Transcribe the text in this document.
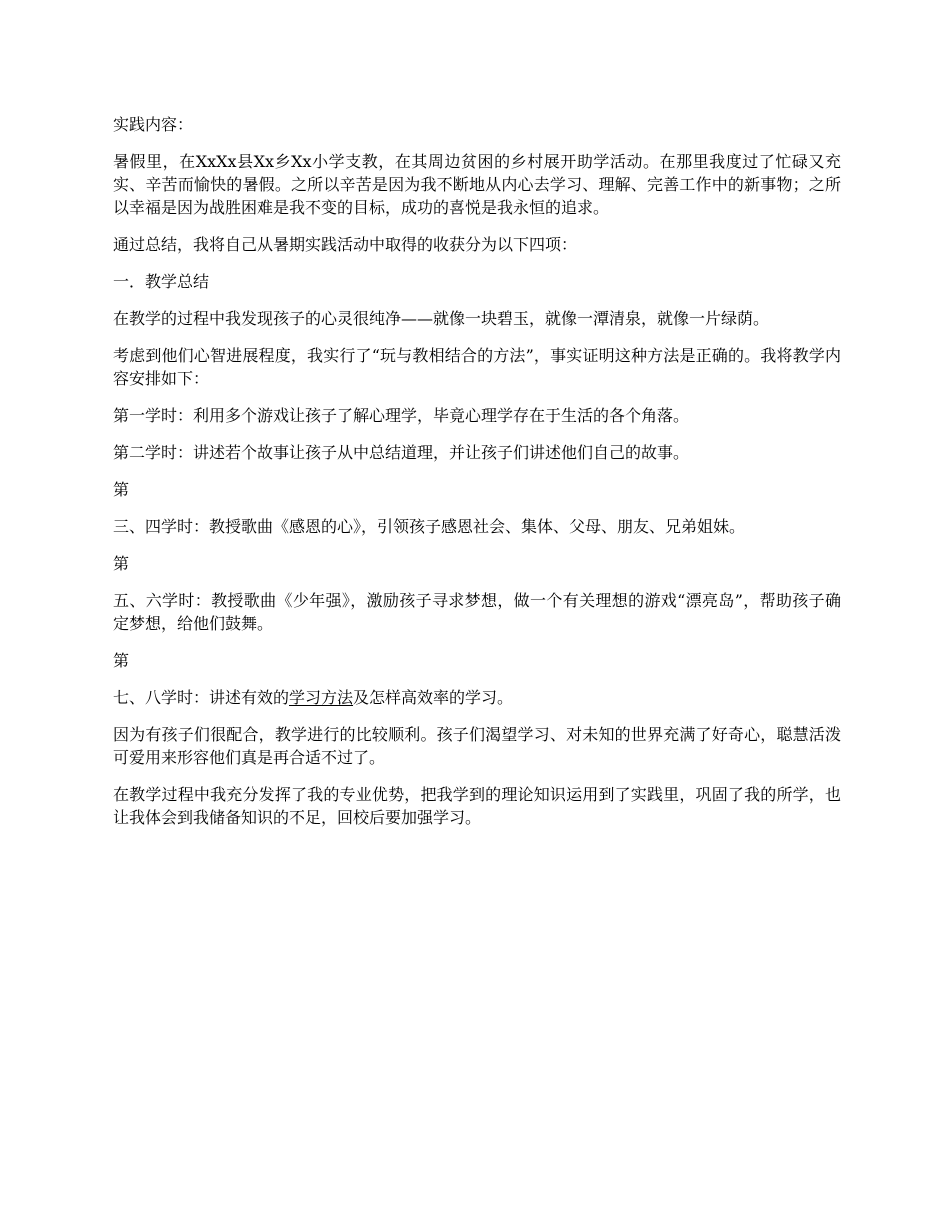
实践内容：

暑假里，在XxXx县Xx乡Xx小学支教，在其周边贫困的乡村展开助学活动。在那里我度过了忙碌又充实、辛苦而愉快的暑假。之所以辛苦是因为我不断地从内心去学习、理解、完善工作中的新事物；之所以幸福是因为战胜困难是我不变的目标，成功的喜悦是我永恒的追求。

通过总结，我将自己从暑期实践活动中取得的收获分为以下四项：

一．教学总结

在教学的过程中我发现孩子的心灵很纯净——就像一块碧玉，就像一潭清泉，就像一片绿荫。

考虑到他们心智进展程度，我实行了“玩与教相结合的方法”，事实证明这种方法是正确的。我将教学内容安排如下：

第一学时：利用多个游戏让孩子了解心理学，毕竟心理学存在于生活的各个角落。

第二学时：讲述若个故事让孩子从中总结道理，并让孩子们讲述他们自己的故事。

第

三、四学时：教授歌曲《感恩的心》，引领孩子感恩社会、集体、父母、朋友、兄弟姐妹。

第

五、六学时：教授歌曲《少年强》，激励孩子寻求梦想，做一个有关理想的游戏“漂亮岛”，帮助孩子确定梦想，给他们鼓舞。

第

七、八学时：讲述有效的学习方法及怎样高效率的学习。

因为有孩子们很配合，教学进行的比较顺利。孩子们渴望学习、对未知的世界充满了好奇心，聪慧活泼可爱用来形容他们真是再合适不过了。

在教学过程中我充分发挥了我的专业优势，把我学到的理论知识运用到了实践里，巩固了我的所学，也让我体会到我储备知识的不足，回校后要加强学习。
